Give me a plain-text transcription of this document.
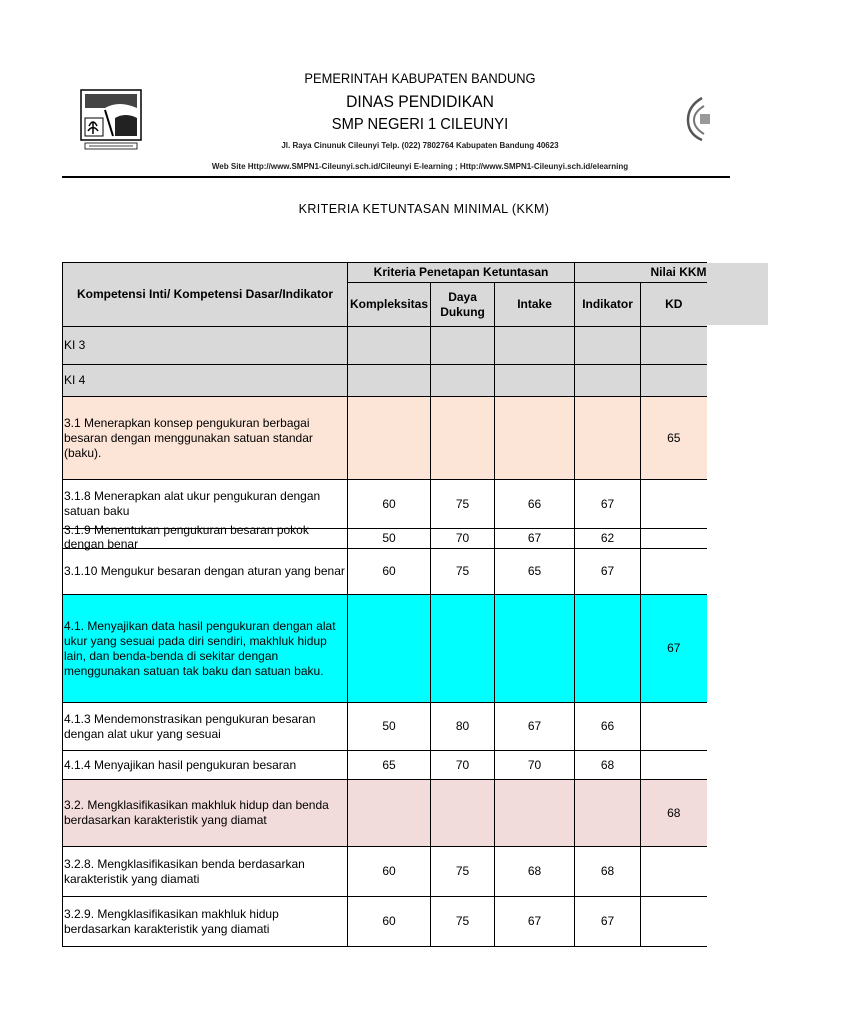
PEMERINTAH KABUPATEN BANDUNG
DINAS PENDIDIKAN
SMP NEGERI 1 CILEUNYI
Jl. Raya Cinunuk Cileunyi Telp. (022) 7802764 Kabupaten Bandung 40623
Web Site Http://www.SMPN1-Cileunyi.sch.id/Cileunyi E-learning ; Http://www.SMPN1-Cileunyi.sch.id/elearning
KRITERIA KETUNTASAN MINIMAL (KKM)
Kompetensi Inti/ Kompetensi Dasar/Indikator	Kriteria Penetapan Ketuntasan			Nilai KKM	
	Kompleksitas	Daya Dukung	Intake	Indikator	KD
KI 3					
KI 4					
3.1 Menerapkan konsep pengukuran berbagai besaran dengan menggunakan satuan standar (baku).					65
3.1.8 Menerapkan alat ukur pengukuran dengan satuan baku	60	75	66	67	

3.1.9 Menentukan pengukuran besaran pokok dengan benar	50	70	67	62	
3.1.10 Mengukur besaran dengan aturan yang benar	60	75	65	67	
4.1. Menyajikan data hasil pengukuran dengan alat ukur yang sesuai pada diri sendiri, makhluk hidup lain, dan benda-benda di sekitar dengan menggunakan satuan tak baku dan satuan baku.					67
4.1.3 Mendemonstrasikan pengukuran besaran dengan alat ukur yang sesuai	50	80	67	66	
4.1.4 Menyajikan hasil pengukuran besaran	65	70	70	68	
3.2. Mengklasifikasikan makhluk hidup dan benda berdasarkan karakteristik yang diamat					68
3.2.8. Mengklasifikasikan benda berdasarkan karakteristik yang diamati	60	75	68	68	
3.2.9. Mengklasifikasikan makhluk hidup berdasarkan karakteristik yang diamati	60	75	67	67	
